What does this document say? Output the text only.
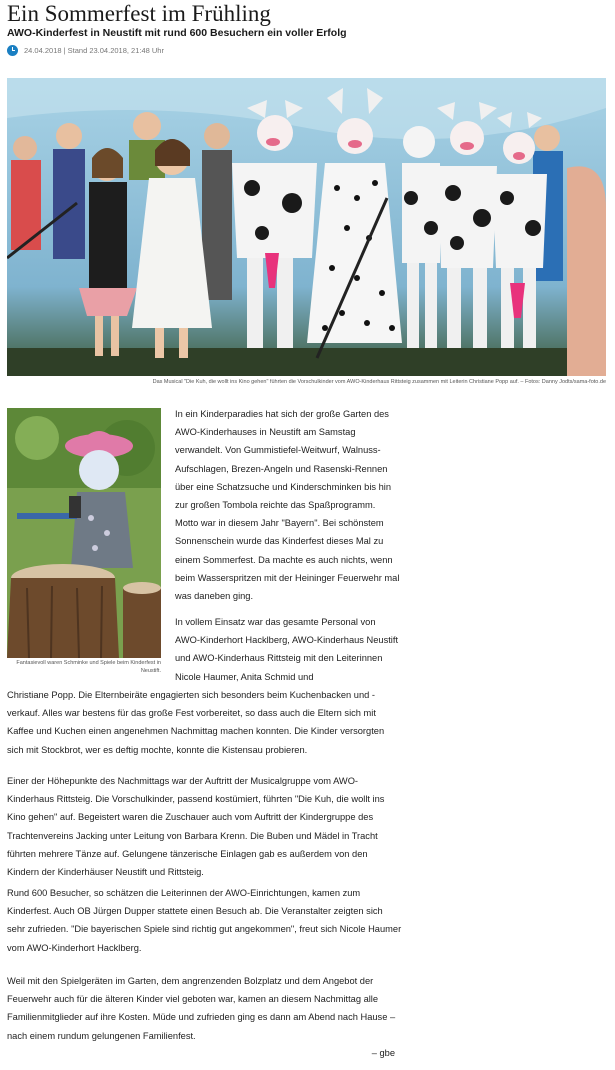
Ein Sommerfest im Frühling
AWO-Kinderfest in Neustift mit rund 600 Besuchern ein voller Erfolg
24.04.2018 | Stand 23.04.2018, 21:48 Uhr
Das Musical "Die Kuh, die wollt ins Kino gehen" führten die Vorschulkinder vom AWO-Kinderhaus Rittsteig zusammen mit Leiterin Christiane Popp auf. – Fotos: Danny Jodts/sama-foto.de
Fantasievoll waren Schminke und Spiele beim Kinderfest in Neustift.

In ein Kinderparadies hat sich der große Garten des AWO-Kinderhauses in Neustift am Samstag verwandelt. Von Gummistiefel-Weitwurf, Walnuss-Aufschlagen, Brezen-Angeln und Rasenski-Rennen über eine Schatzsuche und Kinderschminken bis hin zur großen Tombola reichte das Spaßprogramm. Motto war in diesem Jahr "Bayern". Bei schönstem Sonnenschein wurde das Kinderfest dieses Mal zu einem Sommerfest. Da machte es auch nichts, wenn beim Wasserspritzen mit der Heininger Feuerwehr mal was daneben ging.

In vollem Einsatz war das gesamte Personal von AWO-Kinderhort Hacklberg, AWO-Kinderhaus Neustift und AWO-Kinderhaus Rittsteig mit den Leiterinnen Nicole Haumer, Anita Schmid und

Christiane Popp. Die Elternbeiräte engagierten sich besonders beim Kuchenbacken und -verkauf. Alles war bestens für das große Fest vorbereitet, so dass auch die Eltern sich mit Kaffee und Kuchen einen angenehmen Nachmittag machen konnten. Die Kinder versorgten sich mit Stockbrot, wer es deftig mochte, konnte die Kistensau probieren.

Einer der Höhepunkte des Nachmittags war der Auftritt der Musicalgruppe vom AWO-Kinderhaus Rittsteig. Die Vorschulkinder, passend kostümiert, führten "Die Kuh, die wollt ins Kino gehen" auf. Begeistert waren die Zuschauer auch vom Auftritt der Kindergruppe des Trachtenvereins Jacking unter Leitung von Barbara Krenn. Die Buben und Mädel in Tracht führten mehrere Tänze auf. Gelungene tänzerische Einlagen gab es außerdem von den Kindern der Kinderhäuser Neustift und Rittsteig.

Rund 600 Besucher, so schätzen die Leiterinnen der AWO-Einrichtungen, kamen zum Kinderfest. Auch OB Jürgen Dupper stattete einen Besuch ab. Die Veranstalter zeigten sich sehr zufrieden. "Die bayerischen Spiele sind richtig gut angekommen", freut sich Nicole Haumer vom AWO-Kinderhort Hacklberg.

Weil mit den Spielgeräten im Garten, dem angrenzenden Bolzplatz und dem Angebot der Feuerwehr auch für die älteren Kinder viel geboten war, kamen an diesem Nachmittag alle Familienmitglieder auf ihre Kosten. Müde und zufrieden ging es dann am Abend nach Hause – nach einem rundum gelungenen Familienfest.

– gbe
